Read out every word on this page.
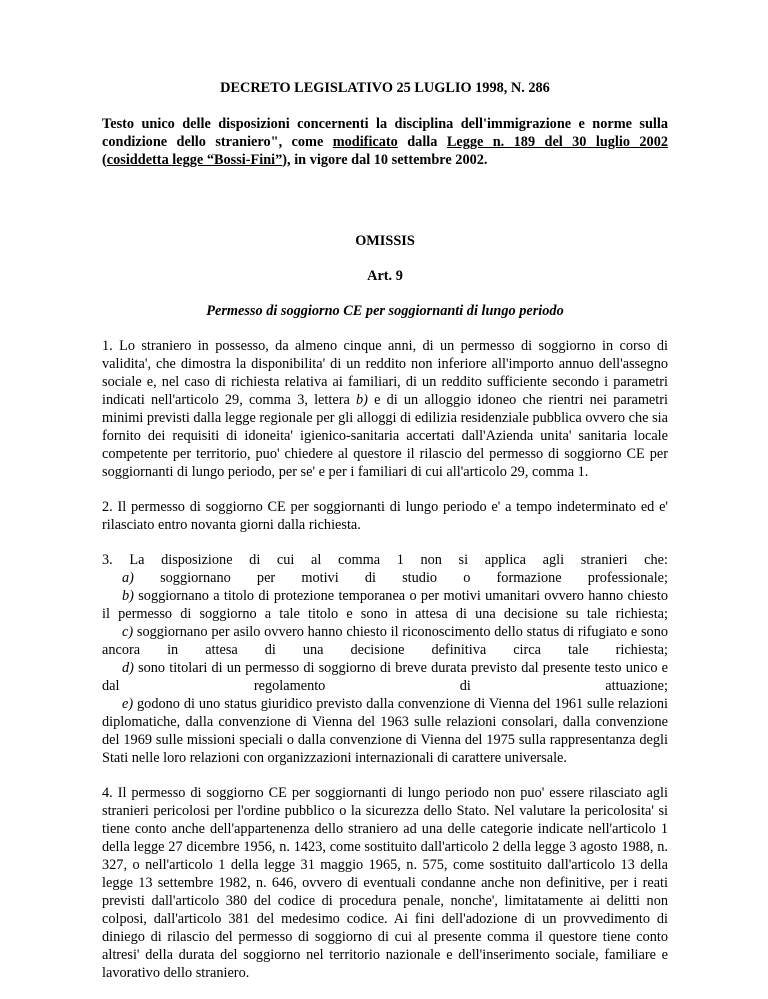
DECRETO LEGISLATIVO 25 LUGLIO 1998, N. 286
Testo unico delle disposizioni concernenti la disciplina dell'immigrazione e norme sulla condizione dello straniero", come modificato dalla Legge n. 189 del 30 luglio 2002 (cosiddetta legge “Bossi-Fini”), in vigore dal 10 settembre 2002.
OMISSIS
Art. 9
Permesso di soggiorno CE per soggiornanti di lungo periodo

1. Lo straniero in possesso, da almeno cinque anni, di un permesso di soggiorno in corso di validita', che dimostra la disponibilita' di un reddito non inferiore all'importo annuo dell'assegno sociale e, nel caso di richiesta relativa ai familiari, di un reddito sufficiente secondo i parametri indicati nell'articolo 29, comma 3, lettera b) e di un alloggio idoneo che rientri nei parametri minimi previsti dalla legge regionale per gli alloggi di edilizia residenziale pubblica ovvero che sia fornito dei requisiti di idoneita' igienico-sanitaria accertati dall'Azienda unita' sanitaria locale competente per territorio, puo' chiedere al questore il rilascio del permesso di soggiorno CE per soggiornanti di lungo periodo, per se' e per i familiari di cui all'articolo 29, comma 1.

2. Il permesso di soggiorno CE per soggiornanti di lungo periodo e' a tempo indeterminato ed e' rilasciato entro novanta giorni dalla richiesta.

3. La disposizione di cui al comma 1 non si applica agli stranieri che:
a) soggiornano per motivi di studio o formazione professionale;
b) soggiornano a titolo di protezione temporanea o per motivi umanitari ovvero hanno chiesto il permesso di soggiorno a tale titolo e sono in attesa di una decisione su tale richiesta;
c) soggiornano per asilo ovvero hanno chiesto il riconoscimento dello status di rifugiato e sono ancora in attesa di una decisione definitiva circa tale richiesta;
d) sono titolari di un permesso di soggiorno di breve durata previsto dal presente testo unico e dal regolamento di attuazione;
e) godono di uno status giuridico previsto dalla convenzione di Vienna del 1961 sulle relazioni diplomatiche, dalla convenzione di Vienna del 1963 sulle relazioni consolari, dalla convenzione del 1969 sulle missioni speciali o dalla convenzione di Vienna del 1975 sulla rappresentanza degli Stati nelle loro relazioni con organizzazioni internazionali di carattere universale.

4. Il permesso di soggiorno CE per soggiornanti di lungo periodo non puo' essere rilasciato agli stranieri pericolosi per l'ordine pubblico o la sicurezza dello Stato. Nel valutare la pericolosita' si tiene conto anche dell'appartenenza dello straniero ad una delle categorie indicate nell'articolo 1 della legge 27 dicembre 1956, n. 1423, come sostituito dall'articolo 2 della legge 3 agosto 1988, n. 327, o nell'articolo 1 della legge 31 maggio 1965, n. 575, come sostituito dall'articolo 13 della legge 13 settembre 1982, n. 646, ovvero di eventuali condanne anche non definitive, per i reati previsti dall'articolo 380 del codice di procedura penale, nonche', limitatamente ai delitti non colposi, dall'articolo 381 del medesimo codice. Ai fini dell'adozione di un provvedimento di diniego di rilascio del permesso di soggiorno di cui al presente comma il questore tiene conto altresi' della durata del soggiorno nel territorio nazionale e dell'inserimento sociale, familiare e lavorativo dello straniero.
